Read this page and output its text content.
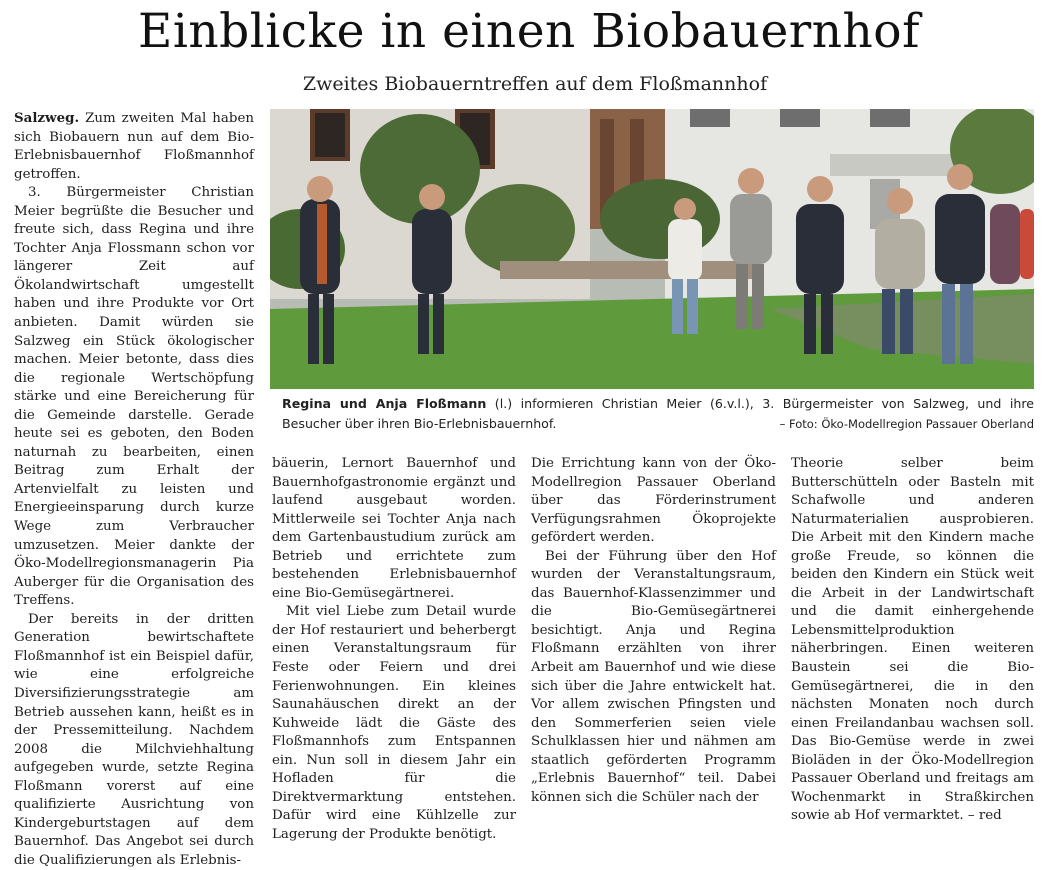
Einblicke in einen Biobauernhof
Zweites Biobauerntreffen auf dem Floßmannhof
Regina und Anja Floßmann (l.) informieren Christian Meier (6.v.l.), 3. Bürgermeister von Salzweg, und ihre Besucher über ihren Bio-Erlebnisbauernhof.	– Foto: Öko-Modellregion Passauer Oberland

Salzweg. Zum zweiten Mal haben sich Biobauern nun auf dem Bio-Erlebnisbauernhof Floßmannhof getroffen.

3. Bürgermeister Christian Meier begrüßte die Besucher und freute sich, dass Regina und ihre Tochter Anja Flossmann schon vor längerer Zeit auf Ökolandwirtschaft umgestellt haben und ihre Produkte vor Ort anbieten. Damit würden sie Salzweg ein Stück ökologischer machen. Meier betonte, dass dies die regionale Wertschöpfung stärke und eine Bereicherung für die Gemeinde darstelle. Gerade heute sei es geboten, den Boden naturnah zu bearbeiten, einen Beitrag zum Erhalt der Artenvielfalt zu leisten und Energieeinsparung durch kurze Wege zum Verbraucher umzusetzen. Meier dankte der Öko-Modellregionsmanagerin Pia Auberger für die Organisation des Treffens.

Der bereits in der dritten Generation bewirtschaftete Floßmannhof ist ein Beispiel dafür, wie eine erfolgreiche Diversifizierungsstrategie am Betrieb aussehen kann, heißt es in der Pressemitteilung. Nachdem 2008 die Milchviehhaltung aufgegeben wurde, setzte Regina Floßmann vorerst auf eine qualifizierte Ausrichtung von Kindergeburtstagen auf dem Bauernhof. Das Angebot sei durch die Qualifizierungen als Erlebnis-

bäuerin, Lernort Bauernhof und Bauernhofgastronomie ergänzt und laufend ausgebaut worden. Mittlerweile sei Tochter Anja nach dem Gartenbaustudium zurück am Betrieb und errichtete zum bestehenden Erlebnisbauernhof eine Bio-Gemüsegärtnerei.

Mit viel Liebe zum Detail wurde der Hof restauriert und beherbergt einen Veranstaltungsraum für Feste oder Feiern und drei Ferienwohnungen. Ein kleines Saunahäuschen direkt an der Kuhweide lädt die Gäste des Floßmannhofs zum Entspannen ein. Nun soll in diesem Jahr ein Hofladen für die Direktvermarktung entstehen. Dafür wird eine Kühlzelle zur Lagerung der Produkte benötigt.

Die Errichtung kann von der Öko-Modellregion Passauer Oberland über das Förderinstrument Verfügungsrahmen Ökoprojekte gefördert werden.

Bei der Führung über den Hof wurden der Veranstaltungsraum, das Bauernhof-Klassenzimmer und die Bio-Gemüsegärtnerei besichtigt. Anja und Regina Floßmann erzählten von ihrer Arbeit am Bauernhof und wie diese sich über die Jahre entwickelt hat. Vor allem zwischen Pfingsten und den Sommerferien seien viele Schulklassen hier und nähmen am staatlich geförderten Programm „Erlebnis Bauernhof“ teil. Dabei können sich die Schüler nach der

Theorie selber beim Butterschütteln oder Basteln mit Schafwolle und anderen Naturmaterialien ausprobieren. Die Arbeit mit den Kindern mache große Freude, so können die beiden den Kindern ein Stück weit die Arbeit in der Landwirtschaft und die damit einhergehende Lebensmittelproduktion näherbringen. Einen weiteren Baustein sei die Bio-Gemüsegärtnerei, die in den nächsten Monaten noch durch einen Freilandanbau wachsen soll. Das Bio-Gemüse werde in zwei Bioläden in der Öko-Modellregion Passauer Oberland und freitags am Wochenmarkt in Straßkirchen sowie ab Hof vermarktet. – red
